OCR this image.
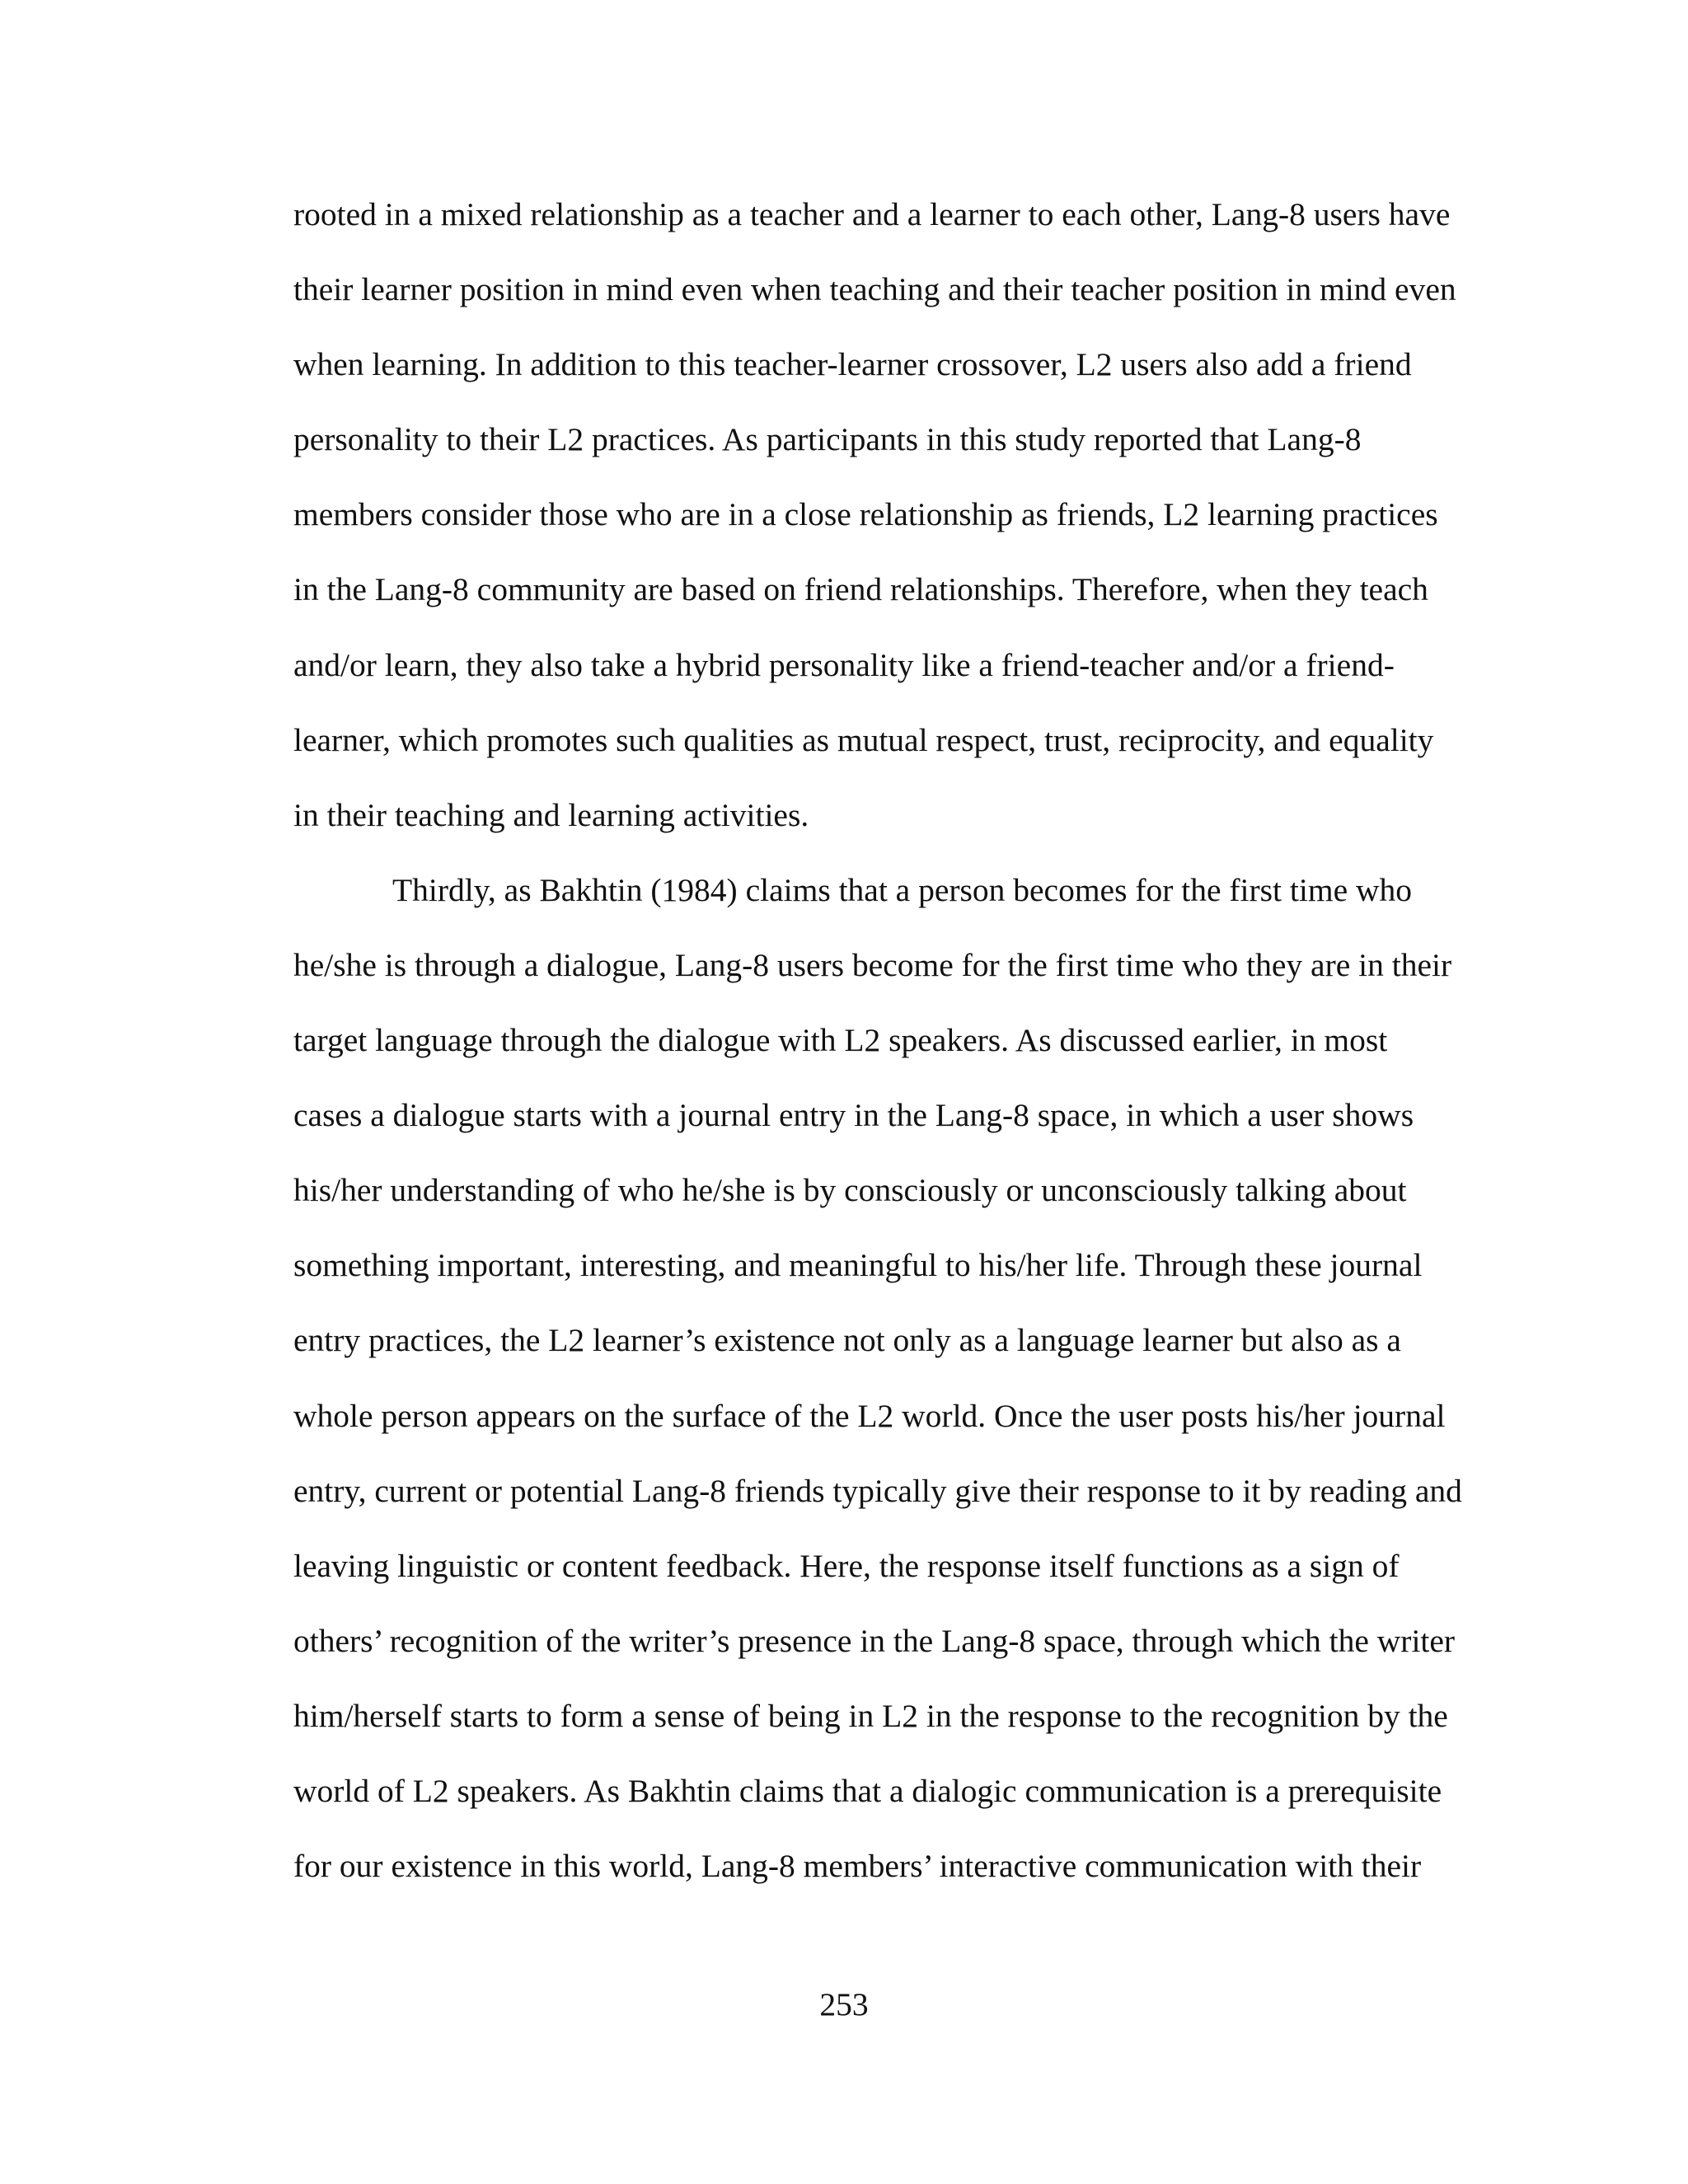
rooted in a mixed relationship as a teacher and a learner to each other, Lang-8 users have
their learner position in mind even when teaching and their teacher position in mind even
when learning. In addition to this teacher-learner crossover, L2 users also add a friend
personality to their L2 practices. As participants in this study reported that Lang-8
members consider those who are in a close relationship as friends, L2 learning practices
in the Lang-8 community are based on friend relationships. Therefore, when they teach
and/or learn, they also take a hybrid personality like a friend-teacher and/or a friend-
learner, which promotes such qualities as mutual respect, trust, reciprocity, and equality
in their teaching and learning activities.
Thirdly, as Bakhtin (1984) claims that a person becomes for the first time who
he/she is through a dialogue, Lang-8 users become for the first time who they are in their
target language through the dialogue with L2 speakers. As discussed earlier, in most
cases a dialogue starts with a journal entry in the Lang-8 space, in which a user shows
his/her understanding of who he/she is by consciously or unconsciously talking about
something important, interesting, and meaningful to his/her life. Through these journal
entry practices, the L2 learner’s existence not only as a language learner but also as a
whole person appears on the surface of the L2 world. Once the user posts his/her journal
entry, current or potential Lang-8 friends typically give their response to it by reading and
leaving linguistic or content feedback. Here, the response itself functions as a sign of
others’ recognition of the writer’s presence in the Lang-8 space, through which the writer
him/herself starts to form a sense of being in L2 in the response to the recognition by the
world of L2 speakers. As Bakhtin claims that a dialogic communication is a prerequisite
for our existence in this world, Lang-8 members’ interactive communication with their
253
